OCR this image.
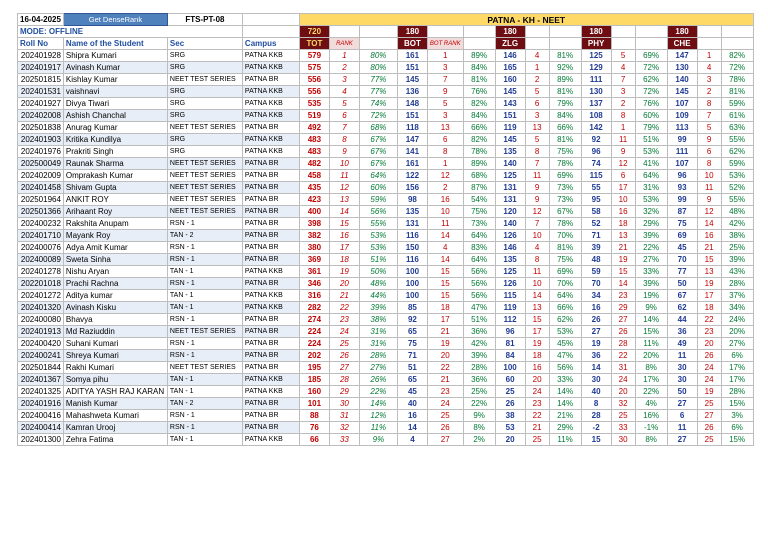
16-04-2025	Get DenseRank	FTS-PT-08		PATNA - KH - NEET														
MODE: OFFLINE				720			180			180			180			180		
Roll No	Name of the Student	Sec	Campus	TOT	RANK		BOT	BOT RANK		ZLG			PHY			CHE		
202401928	Shipra Kumari	SRG	PATNA KKB	579	1	80%	161	1	89%	146	4	81%	125	5	69%	147	1	82%
202401917	Avinash Kumar	SRG	PATNA KKB	575	2	80%	151	3	84%	165	1	92%	129	4	72%	130	4	72%
202501815	Kishlay Kumar	NEET TEST SERIES	PATNA BR	556	3	77%	145	7	81%	160	2	89%	111	7	62%	140	3	78%
202401531	vaishnavi	SRG	PATNA KKB	556	4	77%	136	9	76%	145	5	81%	130	3	72%	145	2	81%
202401927	Divya Tiwari	SRG	PATNA KKB	535	5	74%	148	5	82%	143	6	79%	137	2	76%	107	8	59%
202402008	Ashish Chanchal	SRG	PATNA KKB	519	6	72%	151	3	84%	151	3	84%	108	8	60%	109	7	61%
202501838	Anurag Kumar	NEET TEST SERIES	PATNA BR	492	7	68%	118	13	66%	119	13	66%	142	1	79%	113	5	63%
202401903	Kritika Kundilya	SRG	PATNA KKB	483	8	67%	147	6	82%	145	5	81%	92	11	51%	99	9	55%
202401976	Prakriti Singh	SRG	PATNA KKB	483	9	67%	141	8	78%	135	8	75%	96	9	53%	111	6	62%
202500049	Raunak Sharma	NEET TEST SERIES	PATNA BR	482	10	67%	161	1	89%	140	7	78%	74	12	41%	107	8	59%
202402009	Omprakash Kumar	NEET TEST SERIES	PATNA BR	458	11	64%	122	12	68%	125	11	69%	115	6	64%	96	10	53%
202401458	Shivam Gupta	NEET TEST SERIES	PATNA BR	435	12	60%	156	2	87%	131	9	73%	55	17	31%	93	11	52%
202501964	ANKIT ROY	NEET TEST SERIES	PATNA BR	423	13	59%	98	16	54%	131	9	73%	95	10	53%	99	9	55%
202501366	Arihaant Roy	NEET TEST SERIES	PATNA BR	400	14	56%	135	10	75%	120	12	67%	58	16	32%	87	12	48%
202400232	Rakshita Anupam	RSN - 1	PATNA BR	398	15	55%	131	11	73%	140	7	78%	52	18	29%	75	14	42%
202401710	Mayank Roy	TAN - 2	PATNA BR	382	16	53%	116	14	64%	126	10	70%	71	13	39%	69	16	38%
202400076	Adya Amit Kumar	RSN - 1	PATNA BR	380	17	53%	150	4	83%	146	4	81%	39	21	22%	45	21	25%
202400089	Sweta Sinha	RSN - 1	PATNA BR	369	18	51%	116	14	64%	135	8	75%	48	19	27%	70	15	39%
202401278	Nishu Aryan	TAN - 1	PATNA KKB	361	19	50%	100	15	56%	125	11	69%	59	15	33%	77	13	43%
202201018	Prachi Rachna	RSN - 1	PATNA BR	346	20	48%	100	15	56%	126	10	70%	70	14	39%	50	19	28%
202401272	Aditya kumar	TAN - 1	PATNA KKB	316	21	44%	100	15	56%	115	14	64%	34	23	19%	67	17	37%
202401320	Avinash Kisku	TAN - 1	PATNA KKB	282	22	39%	85	18	47%	119	13	66%	16	29	9%	62	18	34%
202400080	Bhavya	RSN - 1	PATNA BR	274	23	38%	92	17	51%	112	15	62%	26	27	14%	44	22	24%
202401913	Md Raziuddin	NEET TEST SERIES	PATNA BR	224	24	31%	65	21	36%	96	17	53%	27	26	15%	36	23	20%
202400420	Suhani Kumari	RSN - 1	PATNA BR	224	25	31%	75	19	42%	81	19	45%	19	28	11%	49	20	27%
202400241	Shreya Kumari	RSN - 1	PATNA BR	202	26	28%	71	20	39%	84	18	47%	36	22	20%	11	26	6%
202501844	Rakhi Kumari	NEET TEST SERIES	PATNA BR	195	27	27%	51	22	28%	100	16	56%	14	31	8%	30	24	17%
202401367	Somya pihu	TAN - 1	PATNA KKB	185	28	26%	65	21	36%	60	20	33%	30	24	17%	30	24	17%
202401325	ADITYA YASH RAJ KARAN	TAN - 1	PATNA KKB	160	29	22%	45	23	25%	25	24	14%	40	20	22%	50	19	28%
202401916	Manish Kumar	TAN - 2	PATNA BR	101	30	14%	40	24	22%	26	23	14%	8	32	4%	27	25	15%
202400416	Mahashweta Kumari	RSN - 1	PATNA BR	88	31	12%	16	25	9%	38	22	21%	28	25	16%	6	27	3%
202400414	Kamran Urooj	RSN - 1	PATNA BR	76	32	11%	14	26	8%	53	21	29%	-2	33	-1%	11	26	6%
202401300	Zehra Fatima	TAN - 1	PATNA KKB	66	33	9%	4	27	2%	20	25	11%	15	30	8%	27	25	15%
